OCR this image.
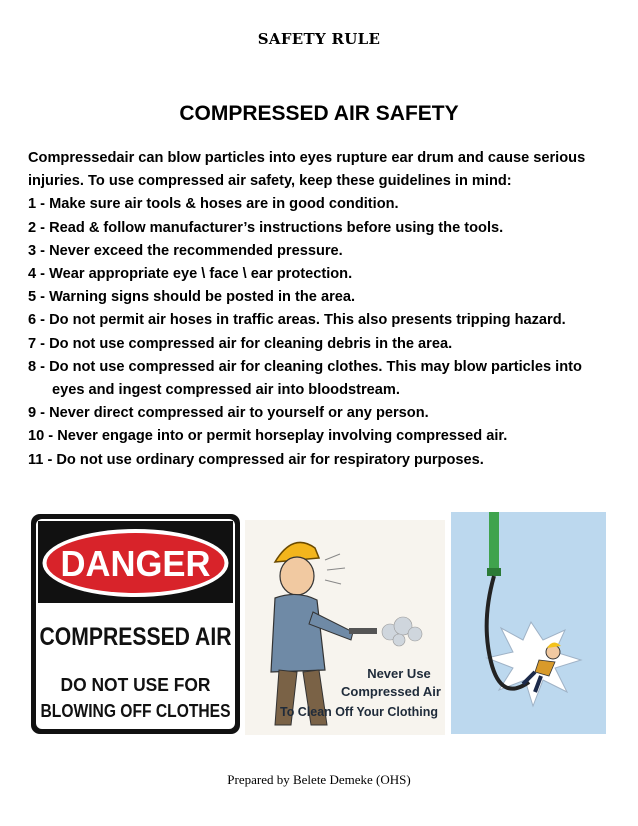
SAFETY RULE
COMPRESSED AIR SAFETY

Compressedair can blow particles into eyes rupture ear drum and cause serious

injuries. To use compressed air safety, keep these guidelines in mind:

1 - Make sure air tools & hoses are in good condition.

2 - Read & follow manufacturer’s instructions before using the tools.

3 - Never exceed the recommended pressure.

4 - Wear appropriate eye \ face \ ear protection.

5 - Warning signs should be posted in the area.

6 - Do not permit air hoses in traffic areas. This also presents tripping hazard.

7 - Do not use compressed air for cleaning debris in the area.

8 - Do not use compressed air for cleaning clothes. This may blow particles into

eyes and ingest compressed air into bloodstream.

9 - Never direct compressed air to yourself or any person.

10 - Never engage into or permit horseplay involving compressed air.

11 - Do not use ordinary compressed air for respiratory purposes.

DANGER
COMPRESSED AIR
DO NOT USE FOR
BLOWING OFF CLOTHES
Never Use
Compressed Air
To Clean Off Your Clothing
Prepared by Belete Demeke (OHS)
